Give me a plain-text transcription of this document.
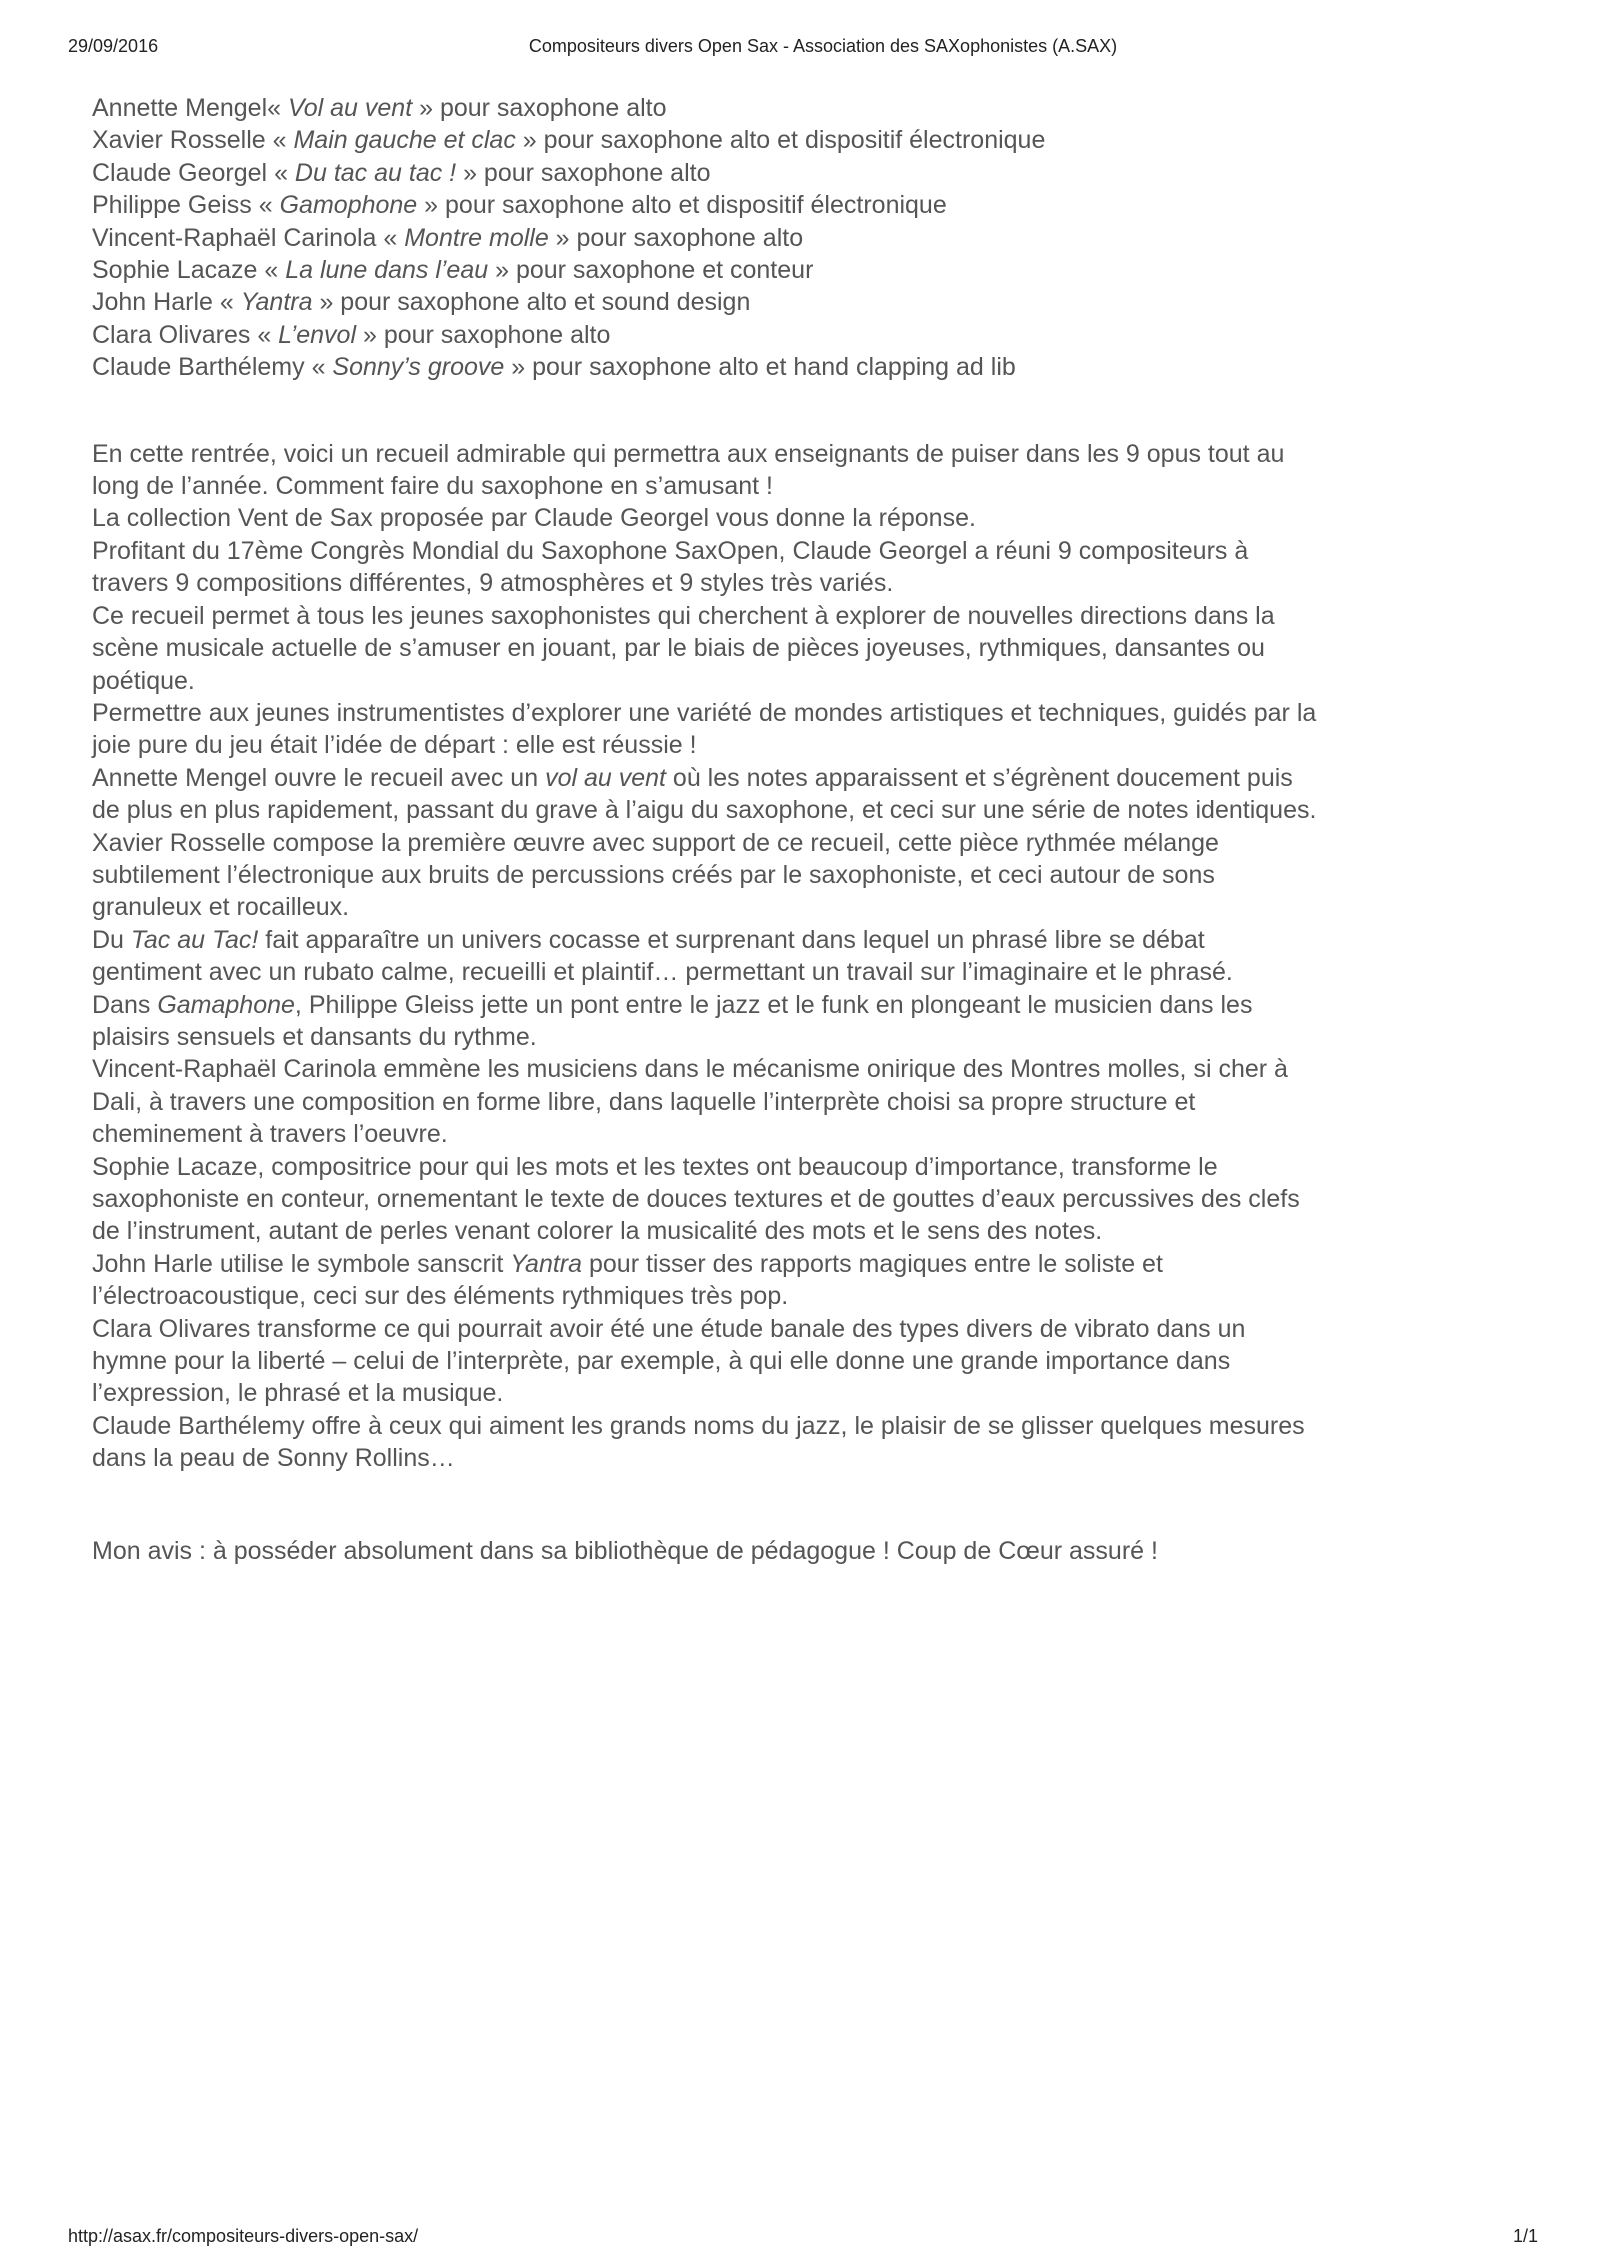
29/09/2016	Compositeurs divers Open Sax - Association des SAXophonistes (A.SAX)
Annette Mengel« Vol au vent » pour saxophone alto
Xavier Rosselle « Main gauche et clac » pour saxophone alto et dispositif électronique
Claude Georgel « Du tac au tac ! » pour saxophone alto
Philippe Geiss « Gamophone » pour saxophone alto et dispositif électronique
Vincent-Raphaël Carinola « Montre molle » pour saxophone alto
Sophie Lacaze « La lune dans l’eau » pour saxophone et conteur
John Harle « Yantra » pour saxophone alto et sound design
Clara Olivares « L’envol » pour saxophone alto
Claude Barthélemy « Sonny’s groove » pour saxophone alto et hand clapping ad lib

En cette rentrée, voici un recueil admirable qui permettra aux enseignants de puiser dans les 9 opus tout au
long de l’année. Comment faire du saxophone en s’amusant !

La collection Vent de Sax proposée par Claude Georgel vous donne la réponse.

Profitant du 17ème Congrès Mondial du Saxophone SaxOpen, Claude Georgel a réuni 9 compositeurs à
travers 9 compositions différentes, 9 atmosphères et 9 styles très variés.

Ce recueil permet à tous les jeunes saxophonistes qui cherchent à explorer de nouvelles directions dans la
scène musicale actuelle de s’amuser en jouant, par le biais de pièces joyeuses, rythmiques, dansantes ou
poétique.

Permettre aux jeunes instrumentistes d’explorer une variété de mondes artistiques et techniques, guidés par la
joie pure du jeu était l’idée de départ : elle est réussie !

Annette Mengel ouvre le recueil avec un vol au vent où les notes apparaissent et s’égrènent doucement puis
de plus en plus rapidement, passant du grave à l’aigu du saxophone, et ceci sur une série de notes identiques.

Xavier Rosselle compose la première œuvre avec support de ce recueil, cette pièce rythmée mélange
subtilement l’électronique aux bruits de percussions créés par le saxophoniste, et ceci autour de sons
granuleux et rocailleux.

Du Tac au Tac! fait apparaître un univers cocasse et surprenant dans lequel un phrasé libre se débat
gentiment avec un rubato calme, recueilli et plaintif… permettant un travail sur l’imaginaire et le phrasé.

Dans Gamaphone, Philippe Gleiss jette un pont entre le jazz et le funk en plongeant le musicien dans les
plaisirs sensuels et dansants du rythme.

Vincent-Raphaël Carinola emmène les musiciens dans le mécanisme onirique des Montres molles, si cher à
Dali, à travers une composition en forme libre, dans laquelle l’interprète choisi sa propre structure et
cheminement à travers l’oeuvre.

Sophie Lacaze, compositrice pour qui les mots et les textes ont beaucoup d’importance, transforme le
saxophoniste en conteur, ornementant le texte de douces textures et de gouttes d’eaux percussives des clefs
de l’instrument, autant de perles venant colorer la musicalité des mots et le sens des notes.

John Harle utilise le symbole sanscrit Yantra pour tisser des rapports magiques entre le soliste et
l’électroacoustique, ceci sur des éléments rythmiques très pop.

Clara Olivares transforme ce qui pourrait avoir été une étude banale des types divers de vibrato dans un
hymne pour la liberté – celui de l’interprète, par exemple, à qui elle donne une grande importance dans
l’expression, le phrasé et la musique.

Claude Barthélemy offre à ceux qui aiment les grands noms du jazz, le plaisir de se glisser quelques mesures
dans la peau de Sonny Rollins…

Mon avis : à posséder absolument dans sa bibliothèque de pédagogue ! Coup de Cœur assuré !

http://asax.fr/compositeurs-divers-open-sax/	1/1
